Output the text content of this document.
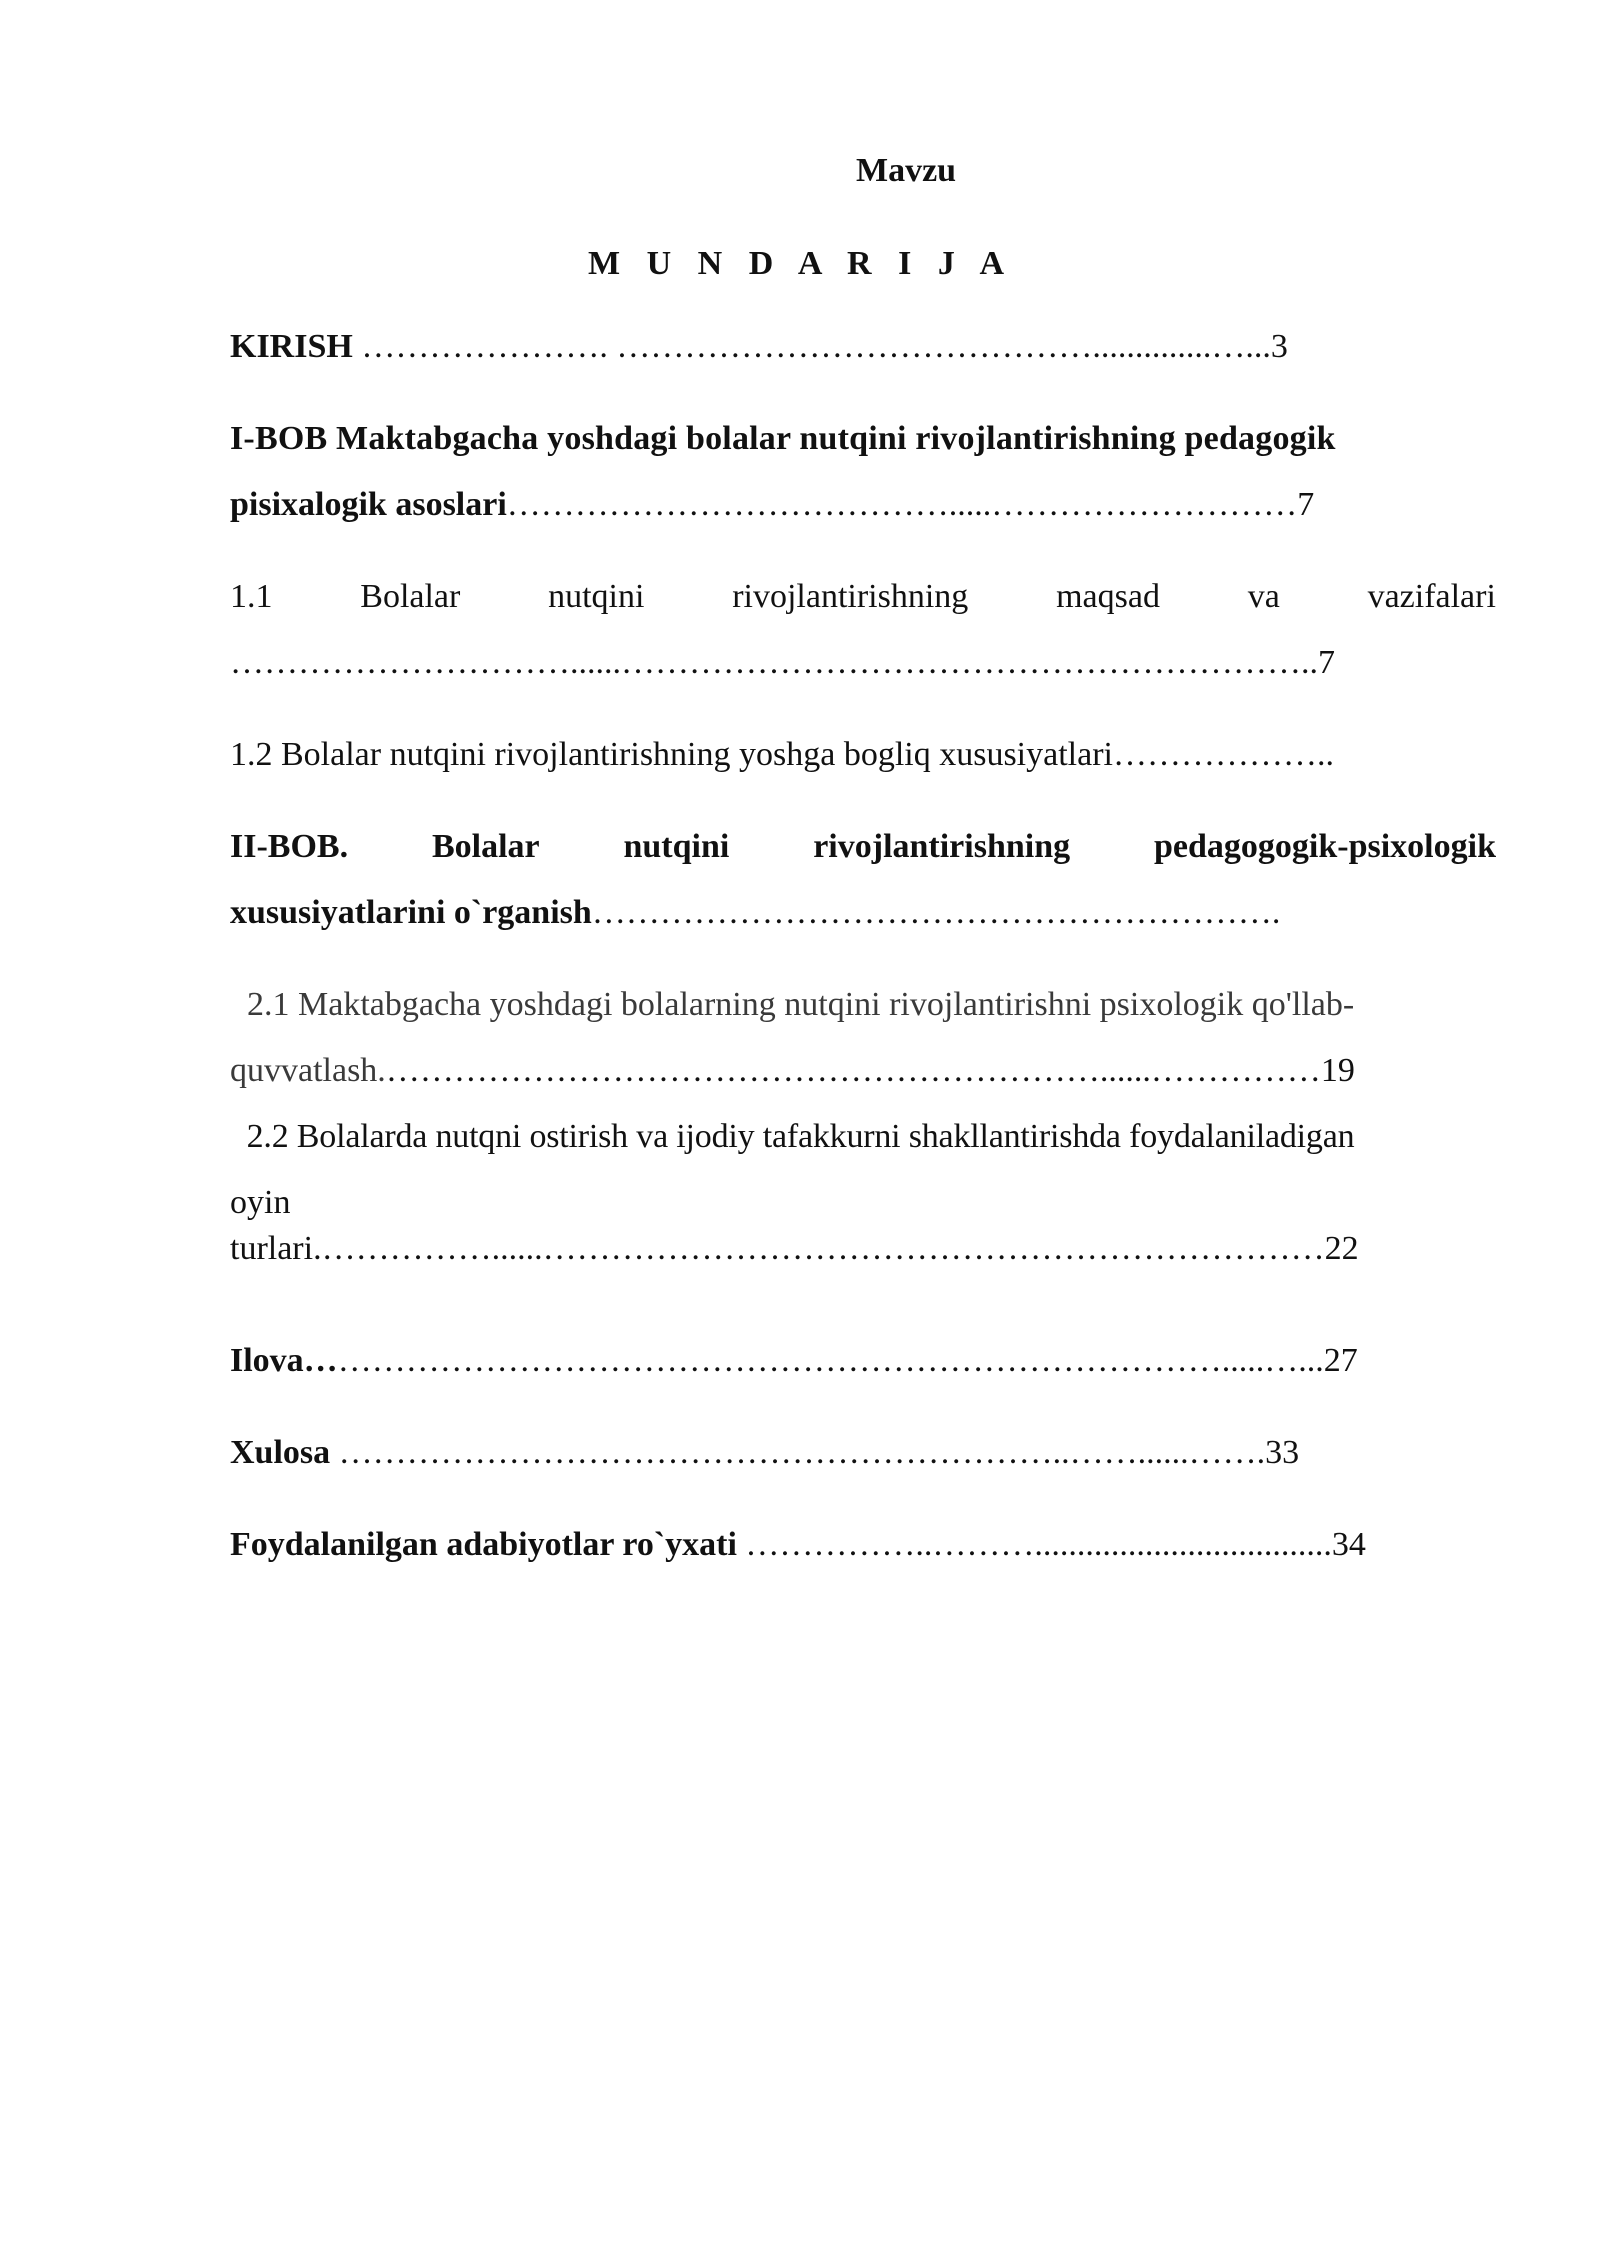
Mavzu
M U N D A R I J A
KIRISH …………………. ……………………………………..............…...3
I-BOB Maktabgacha yoshdagi bolalar nutqini rivojlantirishning pedagogik
pisixalogik asoslari………………………………….....………………………7
1.1	Bolalar	nutqini	rivojlantirishning	maqsad	va	vazifalari
…………………………......……………………………………………………..7
1.2 Bolalar nutqini rivojlantirishning yoshga bogliq xususiyatlari………………..
II-BOB. Bolalar nutqini rivojlantirishning pedagogogik-psixologik
xususiyatlarini o`rganish…………………………………………………….
2.1 Maktabgacha yoshdagi bolalarning nutqini rivojlantirishni psixologik qo'llab-
quvvatlash.………………………………………………………......……………19
2.2 Bolalarda nutqni ostirish va ijodiy tafakkurni shakllantirishda foydalaniladigan
oyin
turlari.……………......……………………………………………………………22
Ilova……………………………………………………………………….....…...27
Xulosa ………………………………………………………..……......…….33
Foydalanilgan adabiyotlar ro`yxati ……………..………...................................34
